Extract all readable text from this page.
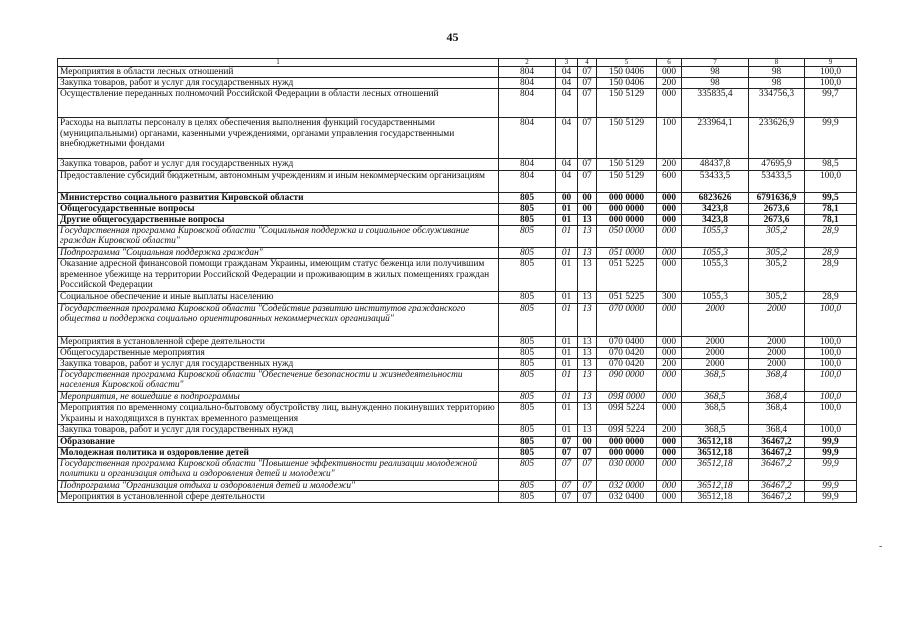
45
1	2	3	4	5	6	7	8	9
Мероприятия в области лесных отношений	804	04	07	150 0406	000	98	98	100,0
Закупка товаров, работ и услуг для государственных нужд	804	04	07	150 0406	200	98	98	100,0
Осуществление переданных полномочий Российской Федерации в области лесных отношений	804	04	07	150 5129	000	335835,4	334756,3	99,7
Расходы на выплаты персоналу в целях обеспечения выполнения функций государственными (муниципальными) органами, казенными учреждениями, органами управления государственными внебюджетными фондами	804	04	07	150 5129	100	233964,1	233626,9	99,9
Закупка товаров, работ и услуг для государственных нужд	804	04	07	150 5129	200	48437,8	47695,9	98,5
Предоставление субсидий бюджетным, автономным учреждениям и иным некоммерческим организациям	804	04	07	150 5129	600	53433,5	53433,5	100,0
Министерство социального развития Кировской области	805	00	00	000 0000	000	6823626	6791636,9	99,5
Общегосударственные вопросы	805	01	00	000 0000	000	3423,8	2673,6	78,1
Другие общегосударственные вопросы	805	01	13	000 0000	000	3423,8	2673,6	78,1
Государственная программа Кировской области "Социальная поддержка и социальное обслуживание граждан Кировской области"	805	01	13	050 0000	000	1055,3	305,2	28,9
Подпрограмма "Социальная поддержка граждан"	805	01	13	051 0000	000	1055,3	305,2	28,9
Оказание адресной финансовой помощи гражданам Украины, имеющим статус беженца или получившим временное убежище на территории Российской Федерации и проживающим в жилых помещениях граждан Российской Федерации	805	01	13	051 5225	000	1055,3	305,2	28,9
Социальное обеспечение и иные выплаты населению	805	01	13	051 5225	300	1055,3	305,2	28,9
Государственная программа Кировской области "Содействие развитию институтов гражданского общества и поддержка социально ориентированных некоммерческих организаций"	805	01	13	070 0000	000	2000	2000	100,0
Мероприятия в установленной сфере деятельности	805	01	13	070 0400	000	2000	2000	100,0
Общегосударственные мероприятия	805	01	13	070 0420	000	2000	2000	100,0
Закупка товаров, работ и услуг для государственных нужд	805	01	13	070 0420	200	2000	2000	100,0
Государственная программа Кировской области "Обеспечение безопасности и жизнедеятельности населения Кировской области"	805	01	13	090 0000	000	368,5	368,4	100,0
Мероприятия, не вошедшие в подпрограммы	805	01	13	09Я 0000	000	368,5	368,4	100,0
Мероприятия по временному социально-бытовому обустройству лиц, вынужденно покинувших территорию Украины и находящихся в пунктах временного размещения	805	01	13	09Я 5224	000	368,5	368,4	100,0
Закупка товаров, работ и услуг для государственных нужд	805	01	13	09Я 5224	200	368,5	368,4	100,0
Образование	805	07	00	000 0000	000	36512,18	36467,2	99,9
Молодежная политика и оздоровление детей	805	07	07	000 0000	000	36512,18	36467,2	99,9
Государственная программа Кировской области "Повышение эффективности реализации молодежной политики и организация отдыха и оздоровления детей и молодежи"	805	07	07	030 0000	000	36512,18	36467,2	99,9
Подпрограмма "Организация отдыха и оздоровления детей и молодежи"	805	07	07	032 0000	000	36512,18	36467,2	99,9
Мероприятия в установленной сфере деятельности	805	07	07	032 0400	000	36512,18	36467,2	99,9
-
